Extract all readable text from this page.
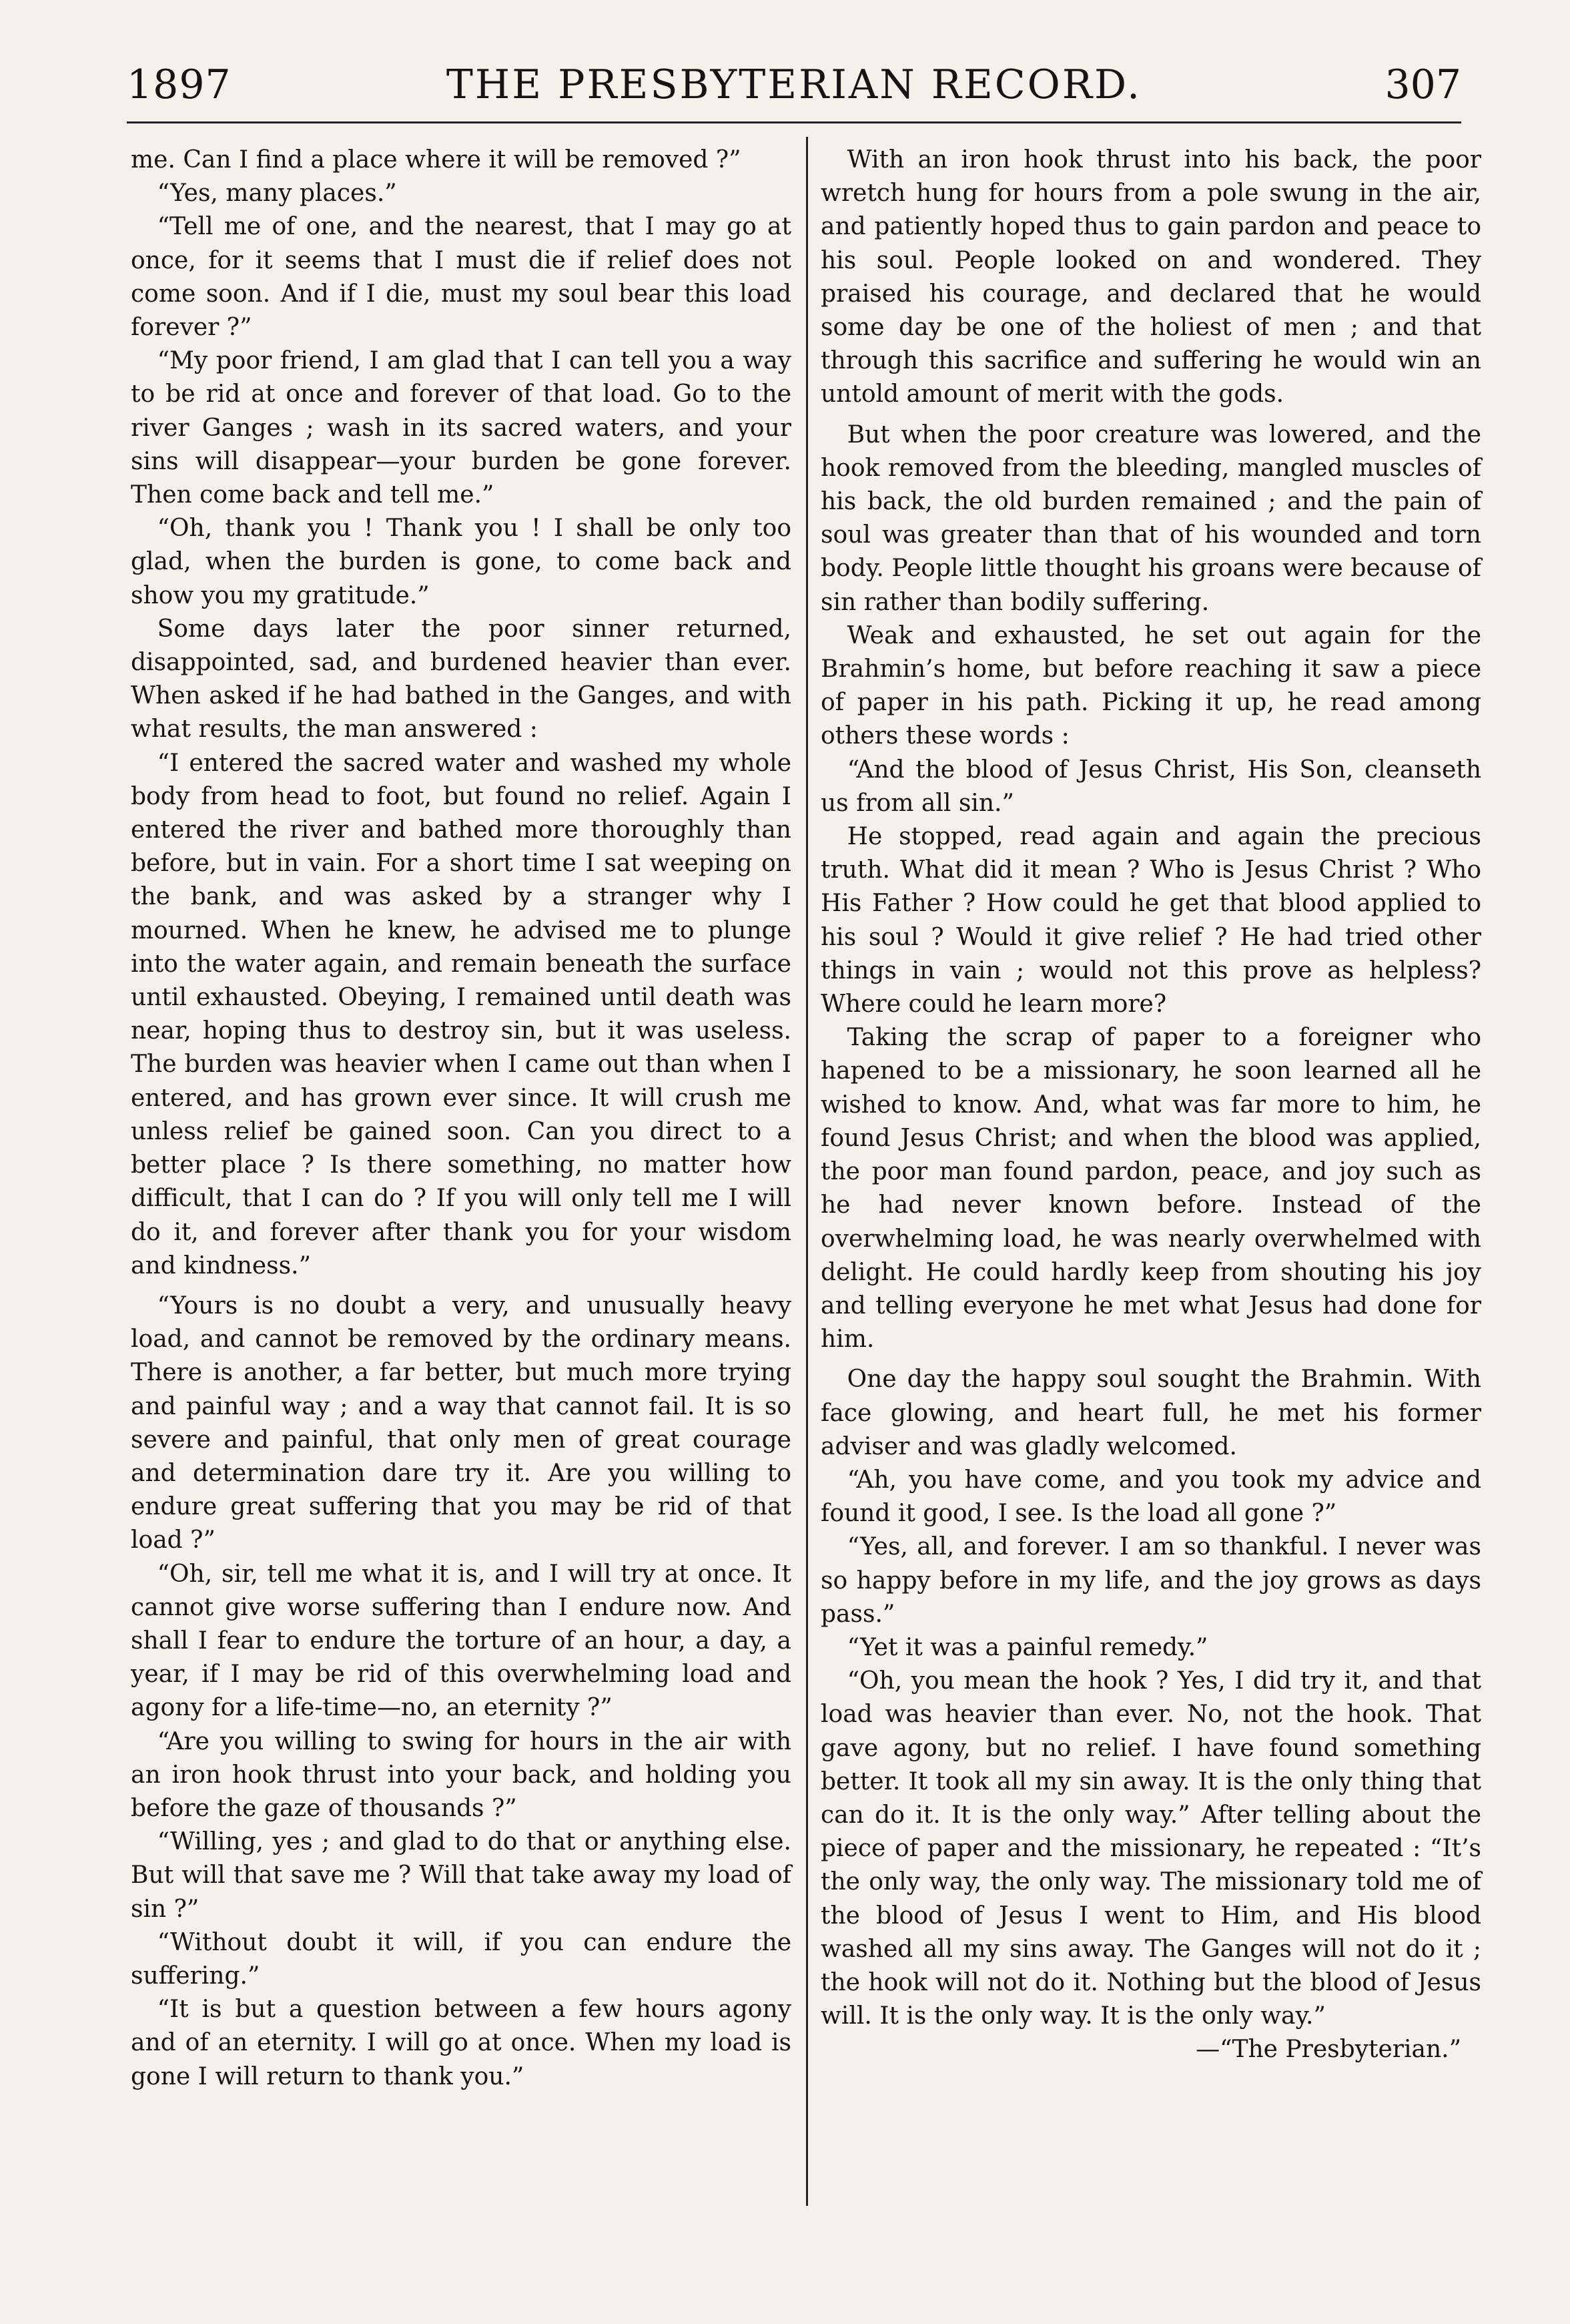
1897	THE PRESBYTERIAN RECORD.	307

me. Can I find a place where it will be removed ?”

“Yes, many places.”

“Tell me of one, and the nearest, that I may go at once, for it seems that I must die if relief does not come soon. And if I die, must my soul bear this load forever ?”

“My poor friend, I am glad that I can tell you a way to be rid at once and forever of that load. Go to the river Ganges ; wash in its sacred waters, and your sins will disappear—your burden be gone forever. Then come back and tell me.”

“Oh, thank you ! Thank you ! I shall be only too glad, when the burden is gone, to come back and show you my gratitude.”

Some days later the poor sinner returned, disappointed, sad, and burdened heavier than ever. When asked if he had bathed in the Ganges, and with what results, the man answered :

“I entered the sacred water and washed my whole body from head to foot, but found no relief. Again I entered the river and bathed more thoroughly than before, but in vain. For a short time I sat weeping on the bank, and was asked by a stranger why I mourned. When he knew, he advised me to plunge into the water again, and remain beneath the surface until exhausted. Obeying, I remained until death was near, hoping thus to destroy sin, but it was useless. The burden was heavier when I came out than when I entered, and has grown ever since. It will crush me unless relief be gained soon. Can you direct to a better place ? Is there something, no matter how difficult, that I can do ? If you will only tell me I will do it, and forever after thank you for your wisdom and kindness.”

“Yours is no doubt a very, and unusually heavy load, and cannot be removed by the ordinary means. There is another, a far better, but much more trying and painful way ; and a way that cannot fail. It is so severe and painful, that only men of great courage and determination dare try it. Are you willing to endure great suffering that you may be rid of that load ?”

“Oh, sir, tell me what it is, and I will try at once. It cannot give worse suffering than I endure now. And shall I fear to endure the torture of an hour, a day, a year, if I may be rid of this overwhelming load and agony for a life-time—no, an eternity ?”

“Are you willing to swing for hours in the air with an iron hook thrust into your back, and holding you before the gaze of thousands ?”

“Willing, yes ; and glad to do that or anything else. But will that save me ? Will that take away my load of sin ?”

“Without doubt it will, if you can endure the suffering.”

“It is but a question between a few hours agony and of an eternity. I will go at once. When my load is gone I will return to thank you.”

With an iron hook thrust into his back, the poor wretch hung for hours from a pole swung in the air, and patiently hoped thus to gain pardon and peace to his soul. People looked on and wondered. They praised his courage, and declared that he would some day be one of the holiest of men ; and that through this sacrifice and suffering he would win an untold amount of merit with the gods.

But when the poor creature was lowered, and the hook removed from the bleeding, mangled muscles of his back, the old burden remained ; and the pain of soul was greater than that of his wounded and torn body. People little thought his groans were because of sin rather than bodily suffering.

Weak and exhausted, he set out again for the Brahmin’s home, but before reaching it saw a piece of paper in his path. Picking it up, he read among others these words :

“And the blood of Jesus Christ, His Son, cleanseth us from all sin.”

He stopped, read again and again the precious truth. What did it mean ? Who is Jesus Christ ? Who His Father ? How could he get that blood applied to his soul ? Would it give relief ? He had tried other things in vain ; would not this prove as helpless? Where could he learn more?

Taking the scrap of paper to a foreigner who hapened to be a missionary, he soon learned all he wished to know. And, what was far more to him, he found Jesus Christ; and when the blood was applied, the poor man found pardon, peace, and joy such as he had never known before. Instead of the overwhelming load, he was nearly overwhelmed with delight. He could hardly keep from shouting his joy and telling everyone he met what Jesus had done for him.

One day the happy soul sought the Brahmin. With face glowing, and heart full, he met his former adviser and was gladly welcomed.

“Ah, you have come, and you took my advice and found it good, I see. Is the load all gone ?”

“Yes, all, and forever. I am so thankful. I never was so happy before in my life, and the joy grows as days pass.”

“Yet it was a painful remedy.”

“Oh, you mean the hook ? Yes, I did try it, and that load was heavier than ever. No, not the hook. That gave agony, but no relief. I have found something better. It took all my sin away. It is the only thing that can do it. It is the only way.” After telling about the piece of paper and the missionary, he repeated : “It’s the only way, the only way. The missionary told me of the blood of Jesus I went to Him, and His blood washed all my sins away. The Ganges will not do it ; the hook will not do it. Nothing but the blood of Jesus will. It is the only way. It is the only way.”

—“The Presbyterian.”
